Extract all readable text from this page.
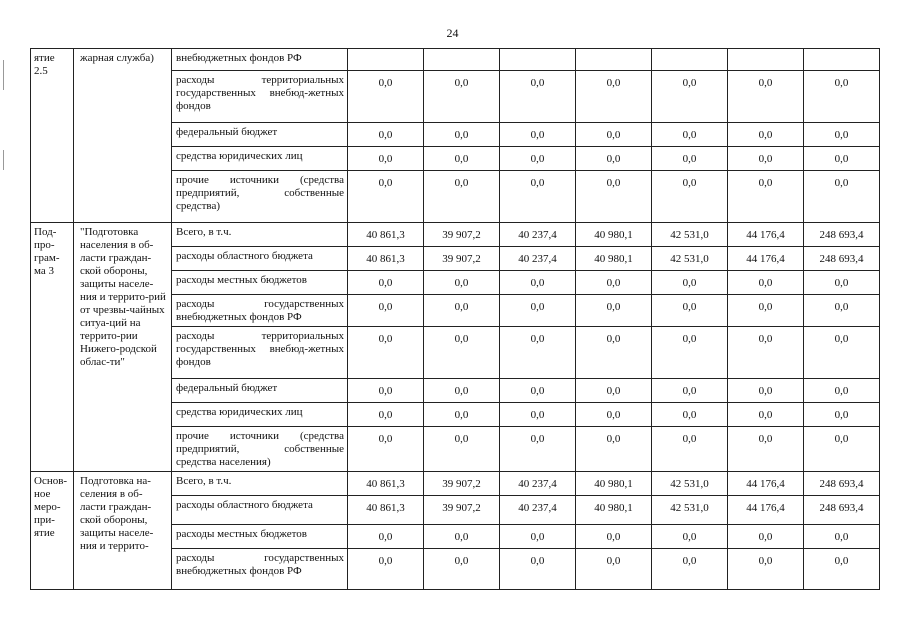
24
ятие 2.5	жарная служба)	внебюджетных фондов РФ							
		расходы территориальных государственных внебюд-жетных фондов	0,0	0,0	0,0	0,0	0,0	0,0	0,0
		федеральный бюджет	0,0	0,0	0,0	0,0	0,0	0,0	0,0
		средства юридических лиц	0,0	0,0	0,0	0,0	0,0	0,0	0,0
		прочие источники (средства предприятий, собственные средства)	0,0	0,0	0,0	0,0	0,0	0,0	0,0
Под-про-грам-ма 3	"Подготовка населения в об-ласти граждан-ской обороны, защиты населе-ния и террито-рий от чрезвы-чайных ситуа-ций на террито-рии Нижего-родской облас-ти"	Всего, в т.ч.	40 861,3	39 907,2	40 237,4	40 980,1	42 531,0	44 176,4	248 693,4
		расходы областного бюджета	40 861,3	39 907,2	40 237,4	40 980,1	42 531,0	44 176,4	248 693,4
		расходы местных бюджетов	0,0	0,0	0,0	0,0	0,0	0,0	0,0
		расходы государственных внебюджетных фондов РФ	0,0	0,0	0,0	0,0	0,0	0,0	0,0
		расходы территориальных государственных внебюд-жетных фондов	0,0	0,0	0,0	0,0	0,0	0,0	0,0
		федеральный бюджет	0,0	0,0	0,0	0,0	0,0	0,0	0,0
		средства юридических лиц	0,0	0,0	0,0	0,0	0,0	0,0	0,0
		прочие источники (средства предприятий, собственные средства населения)	0,0	0,0	0,0	0,0	0,0	0,0	0,0
Основ-ное меро-при-ятие	Подготовка на-селения в об-ласти граждан-ской обороны, защиты населе-ния и террито-	Всего, в т.ч.	40 861,3	39 907,2	40 237,4	40 980,1	42 531,0	44 176,4	248 693,4
		расходы областного бюджета	40 861,3	39 907,2	40 237,4	40 980,1	42 531,0	44 176,4	248 693,4
		расходы местных бюджетов	0,0	0,0	0,0	0,0	0,0	0,0	0,0
		расходы государственных внебюджетных фондов РФ	0,0	0,0	0,0	0,0	0,0	0,0	0,0
